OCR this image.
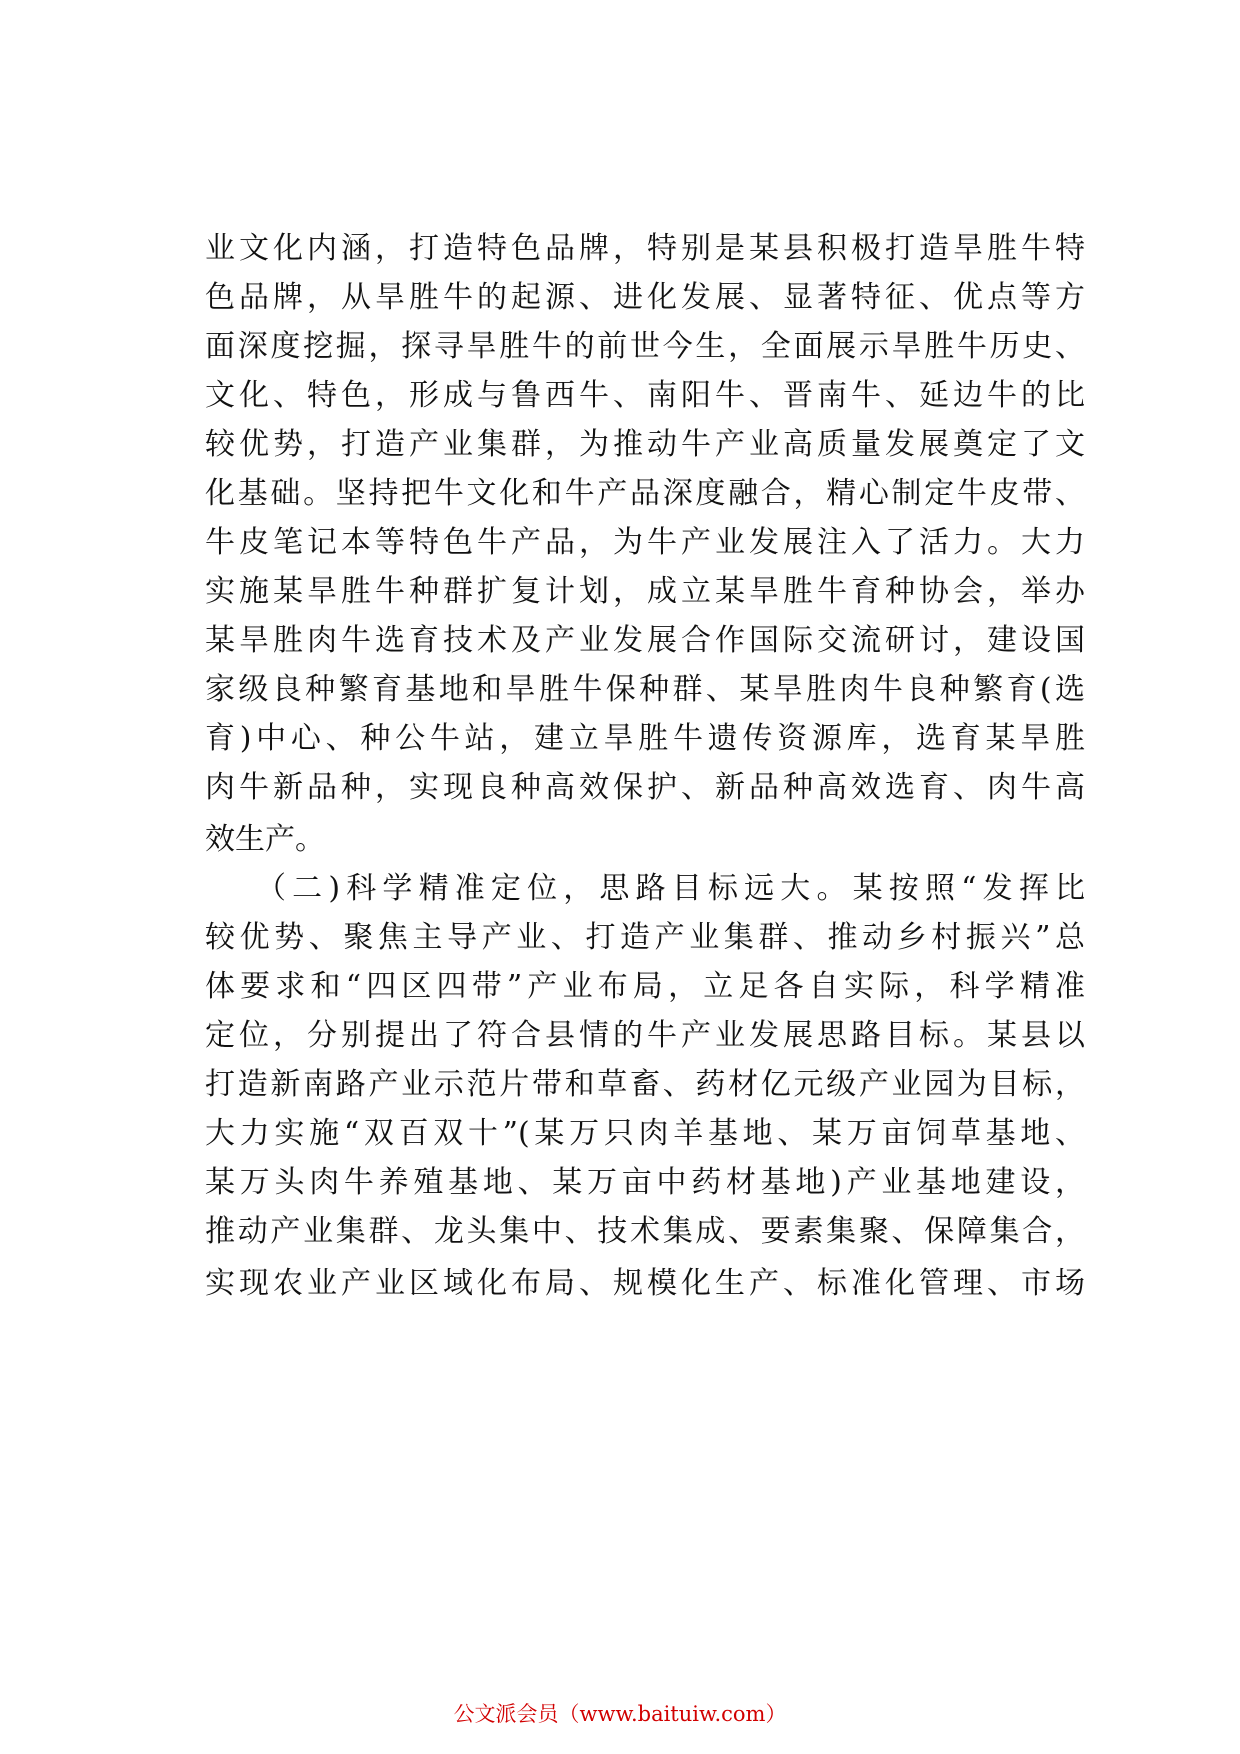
业文化内涵，打造特色品牌，特别是某县积极打造旱胜牛特
色品牌，从旱胜牛的起源、进化发展、显著特征、优点等方
面深度挖掘，探寻旱胜牛的前世今生，全面展示旱胜牛历史、
文化、特色，形成与鲁西牛、南阳牛、晋南牛、延边牛的比
较优势，打造产业集群，为推动牛产业高质量发展奠定了文
化基础。坚持把牛文化和牛产品深度融合，精心制定牛皮带、
牛皮笔记本等特色牛产品，为牛产业发展注入了活力。大力
实施某旱胜牛种群扩复计划，成立某旱胜牛育种协会，举办
某旱胜肉牛选育技术及产业发展合作国际交流研讨，建设国
家级良种繁育基地和旱胜牛保种群、某旱胜肉牛良种繁育(选
育)中心、种公牛站，建立旱胜牛遗传资源库，选育某旱胜
肉牛新品种，实现良种高效保护、新品种高效选育、肉牛高
效生产。
（二)科学精准定位，思路目标远大。某按照“发挥比
较优势、聚焦主导产业、打造产业集群、推动乡村振兴”总
体要求和“四区四带”产业布局，立足各自实际，科学精准
定位，分别提出了符合县情的牛产业发展思路目标。某县以
打造新南路产业示范片带和草畜、药材亿元级产业园为目标，
大力实施“双百双十”(某万只肉羊基地、某万亩饲草基地、
某万头肉牛养殖基地、某万亩中药材基地)产业基地建设，
推动产业集群、龙头集中、技术集成、要素集聚、保障集合，
实现农业产业区域化布局、规模化生产、标准化管理、市场
公文派会员（www.baituiw.com）
